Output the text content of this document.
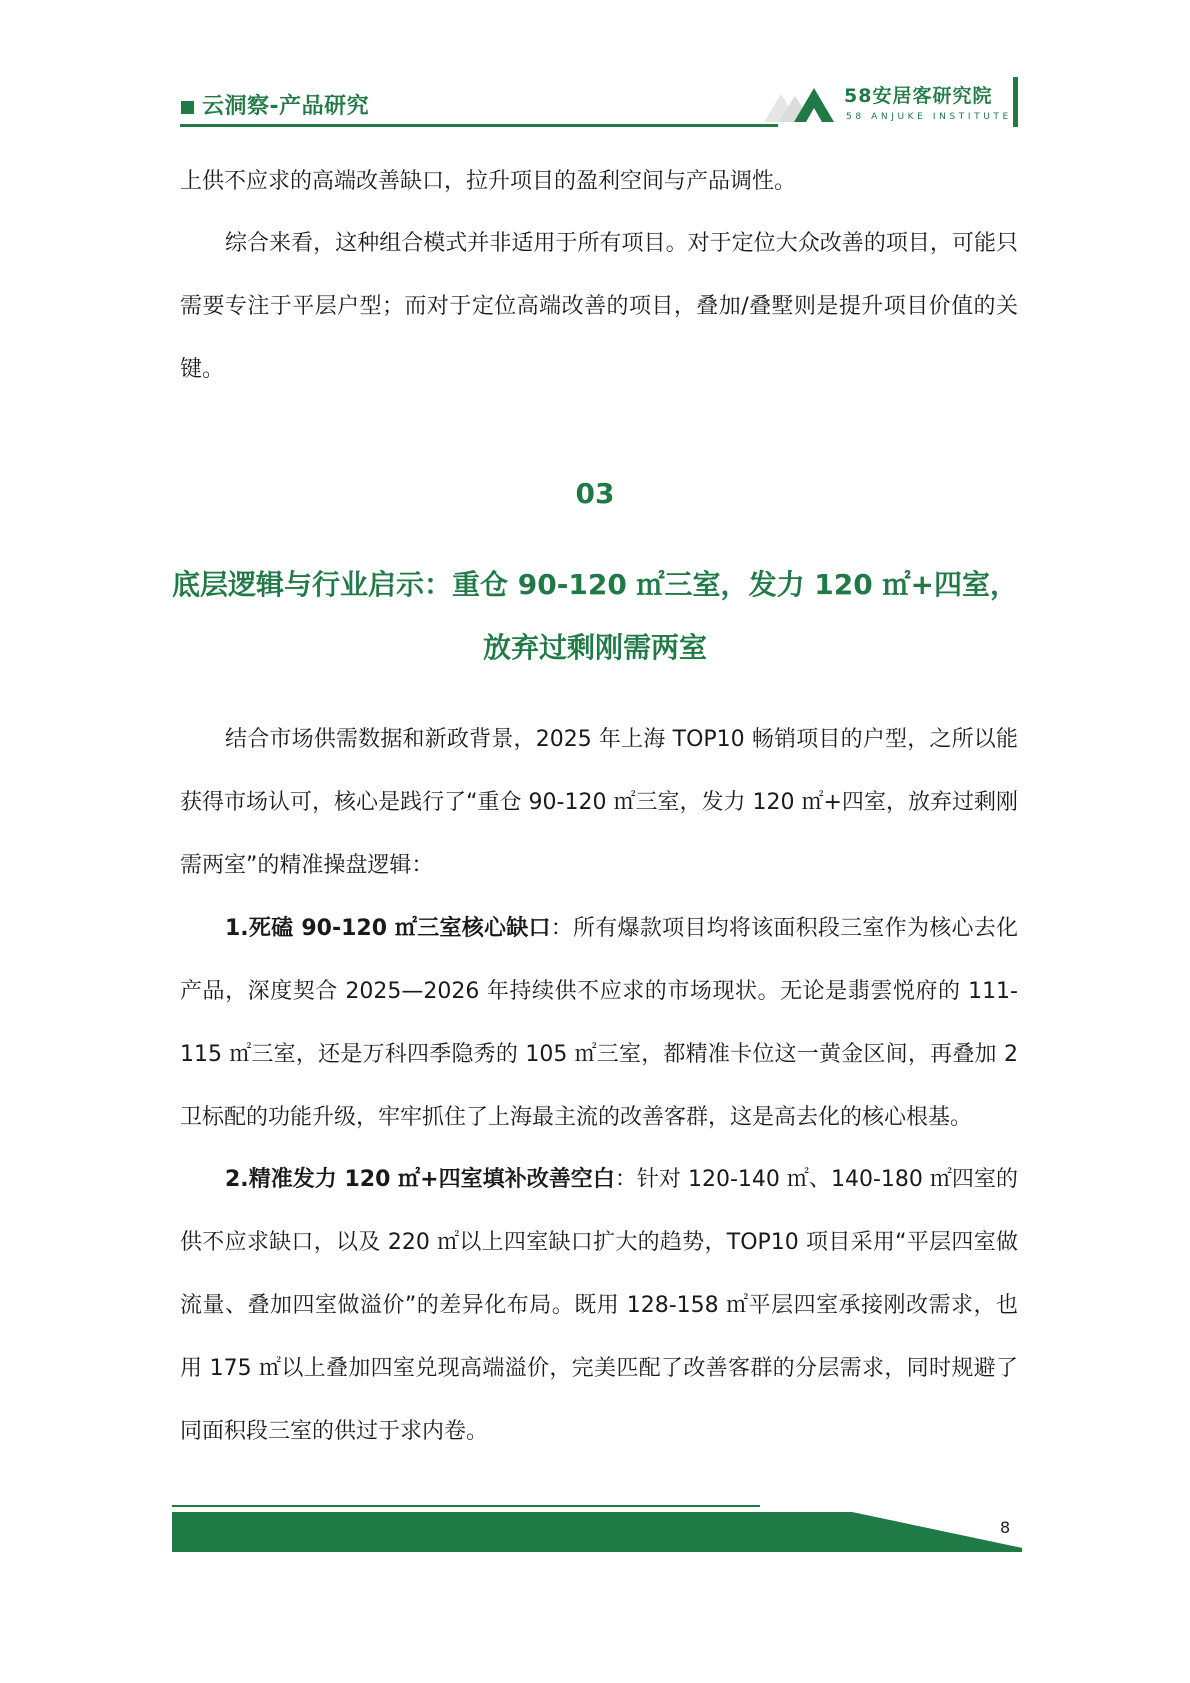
云洞察-产品研究	58安居客研究院
58 ANJUKE INSTITUTE

上供不应求的高端改善缺口，拉升项目的盈利空间与产品调性。

综合来看，这种组合模式并非适用于所有项目。对于定位大众改善的项目，可能只需要专注于平层户型；而对于定位高端改善的项目，叠加/叠墅则是提升项目价值的关键。

03
底层逻辑与行业启示：重仓 90-120 ㎡三室，发力 120 ㎡+四室，
放弃过剩刚需两室

结合市场供需数据和新政背景，2025 年上海 TOP10 畅销项目的户型，之所以能获得市场认可，核心是践行了“重仓 90-120 ㎡三室，发力 120 ㎡+四室，放弃过剩刚需两室”的精准操盘逻辑：

1.死磕 90-120 ㎡三室核心缺口：所有爆款项目均将该面积段三室作为核心去化产品，深度契合 2025—2026 年持续供不应求的市场现状。无论是翡雲悦府的 111-115 ㎡三室，还是万科四季隐秀的 105 ㎡三室，都精准卡位这一黄金区间，再叠加 2 卫标配的功能升级，牢牢抓住了上海最主流的改善客群，这是高去化的核心根基。

2.精准发力 120 ㎡+四室填补改善空白：针对 120-140 ㎡、140-180 ㎡四室的供不应求缺口，以及 220 ㎡以上四室缺口扩大的趋势，TOP10 项目采用“平层四室做流量、叠加四室做溢价”的差异化布局。既用 128-158 ㎡平层四室承接刚改需求，也用 175 ㎡以上叠加四室兑现高端溢价，完美匹配了改善客群的分层需求，同时规避了同面积段三室的供过于求内卷。

8
